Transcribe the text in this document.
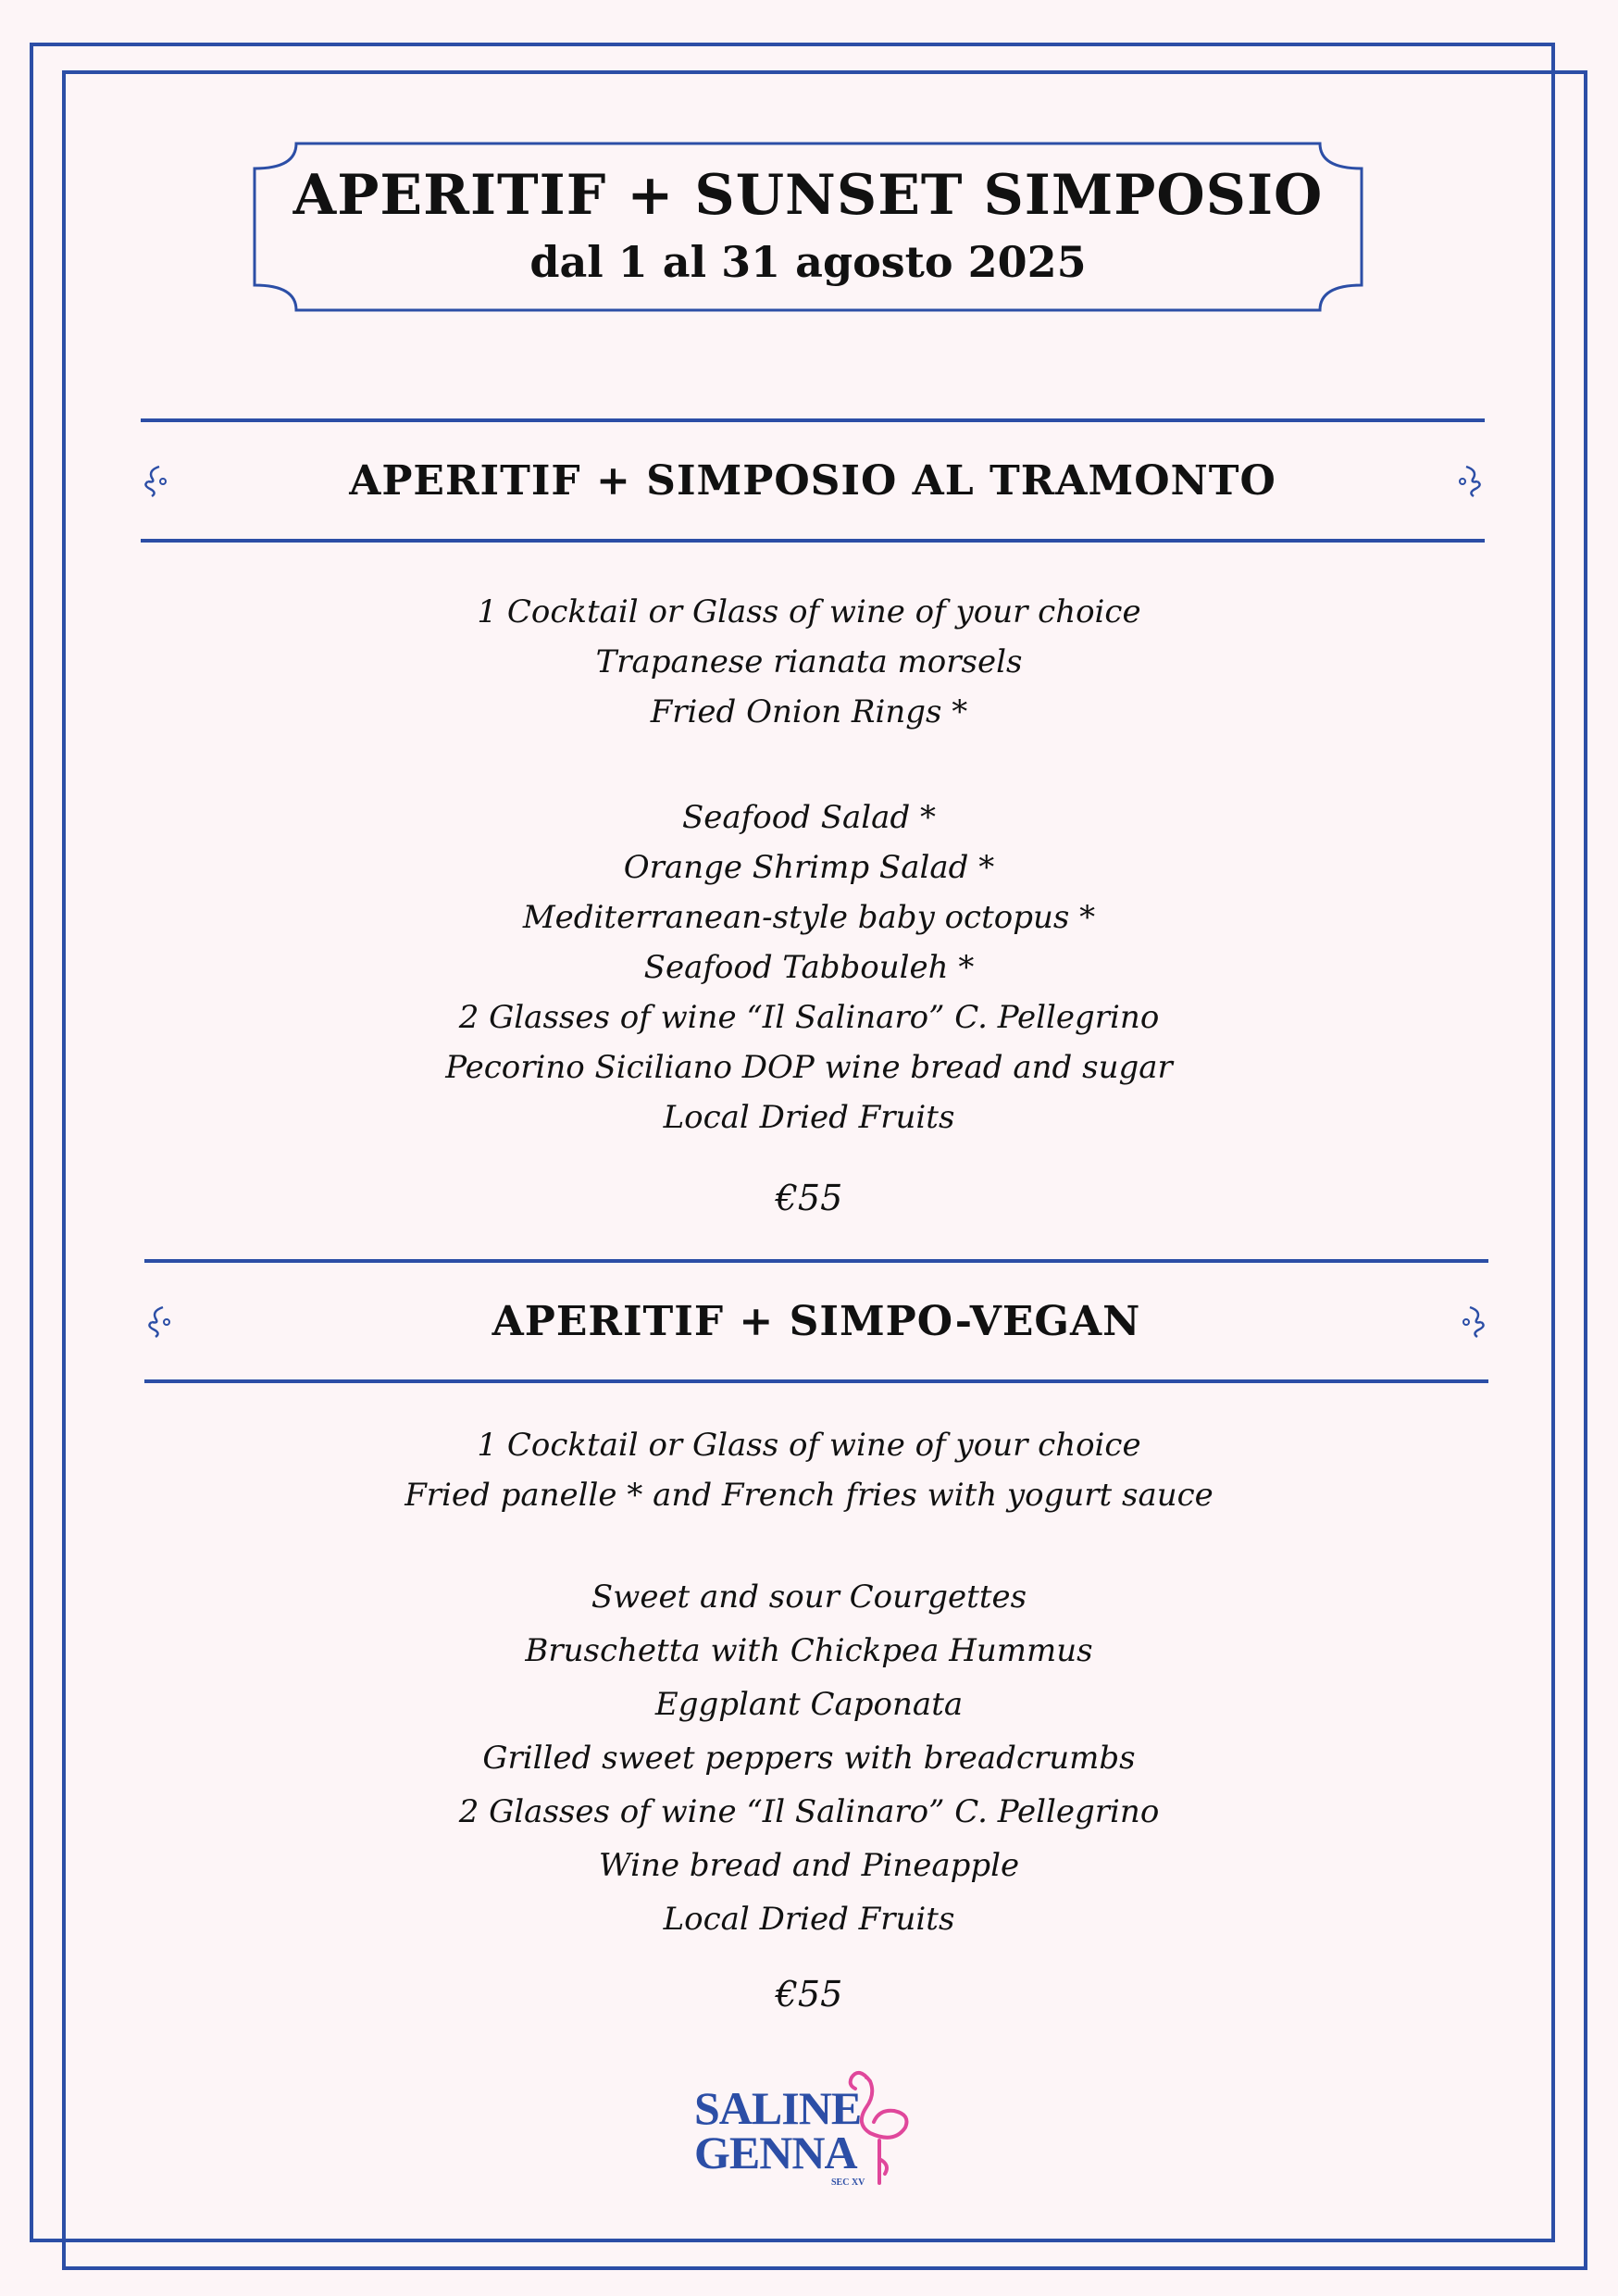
APERITIF + SUNSET SIMPOSIO
dal 1 al 31 agosto 2025
APERITIF + SIMPOSIO AL TRAMONTO
1 Cocktail or Glass of wine of your choice
Trapanese rianata morsels
Fried Onion Rings *
Seafood Salad *
Orange Shrimp Salad *
Mediterranean-style baby octopus *
Seafood Tabbouleh *
2 Glasses of wine “Il Salinaro” C. Pellegrino
Pecorino Siciliano DOP wine bread and sugar
Local Dried Fruits
€55
APERITIF + SIMPO-VEGAN
1 Cocktail or Glass of wine of your choice
Fried panelle * and French fries with yogurt sauce
Sweet and sour Courgettes
Bruschetta with Chickpea Hummus
Eggplant Caponata
Grilled sweet peppers with breadcrumbs
2 Glasses of wine “Il Salinaro” C. Pellegrino
Wine bread and Pineapple
Local Dried Fruits
€55
SALINE
GENNA
SEC XV
